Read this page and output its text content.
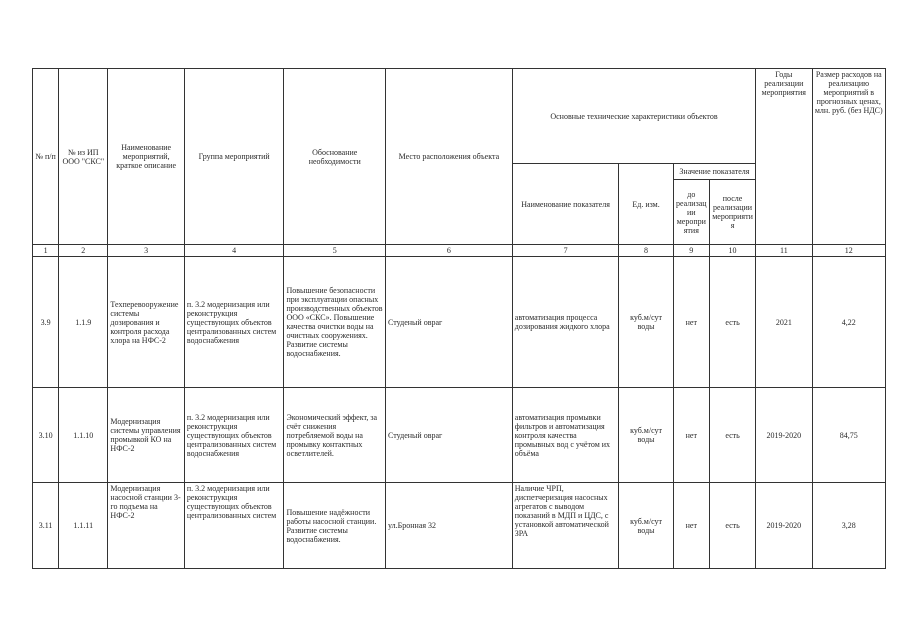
№ п/п	№ из ИП ООО "СКС"	Наименование мероприятий, краткое описание	Группа мероприятий	Обоснование необходимости	Место расположения объекта	Основные технические характеристики объектов				Годы реализации мероприятия	Размер расходов на реализацию мероприятий в прогнозных ценах, млн. руб. (без НДС)
						Наименование показателя	Ед. изм.	Значение показателя			
								до реализации мероприятия	после реализации мероприятия		
1	2	3	4	5	6	7	8	9	10	11	12
3.9	1.1.9	Техперевооружение системы дозирования и контроля расхода хлора на НФС-2	п. 3.2 модернизация или реконструкция существующих объектов централизованных систем водоснабжения	Повышение безопасности при эксплуатации опасных производственных объектов ООО «СКС». Повышение качества очистки воды на очистных сооружениях. Развитие системы водоснабжения.	Студеный овраг	автоматизация процесса дозирования жидкого хлора	куб.м/сут воды	нет	есть	2021	4,22
3.10	1.1.10	Модернизация системы управления промывкой КО на НФС-2	п. 3.2 модернизация или реконструкция существующих объектов централизованных систем водоснабжения	Экономический эффект, за счёт снижения потребляемой воды на промывку контактных осветлителей.	Студеный овраг	автоматизация промывки фильтров и автоматизация контроля качества промывных вод с учётом их объёма	куб.м/сут воды	нет	есть	2019-2020	84,75
3.11	1.1.11	Модернизация насосной станции 3-го подъема на НФС-2	п. 3.2 модернизация или реконструкция существующих объектов централизованных систем	Повышение надёжности работы насосной станции. Развитие системы водоснабжения.	ул.Бронная 32	Наличие ЧРП, диспетчеризация насосных агрегатов с выводом показаний в МДП и ЦДС, с установкой автоматической ЗРА	куб.м/сут воды	нет	есть	2019-2020	3,28
